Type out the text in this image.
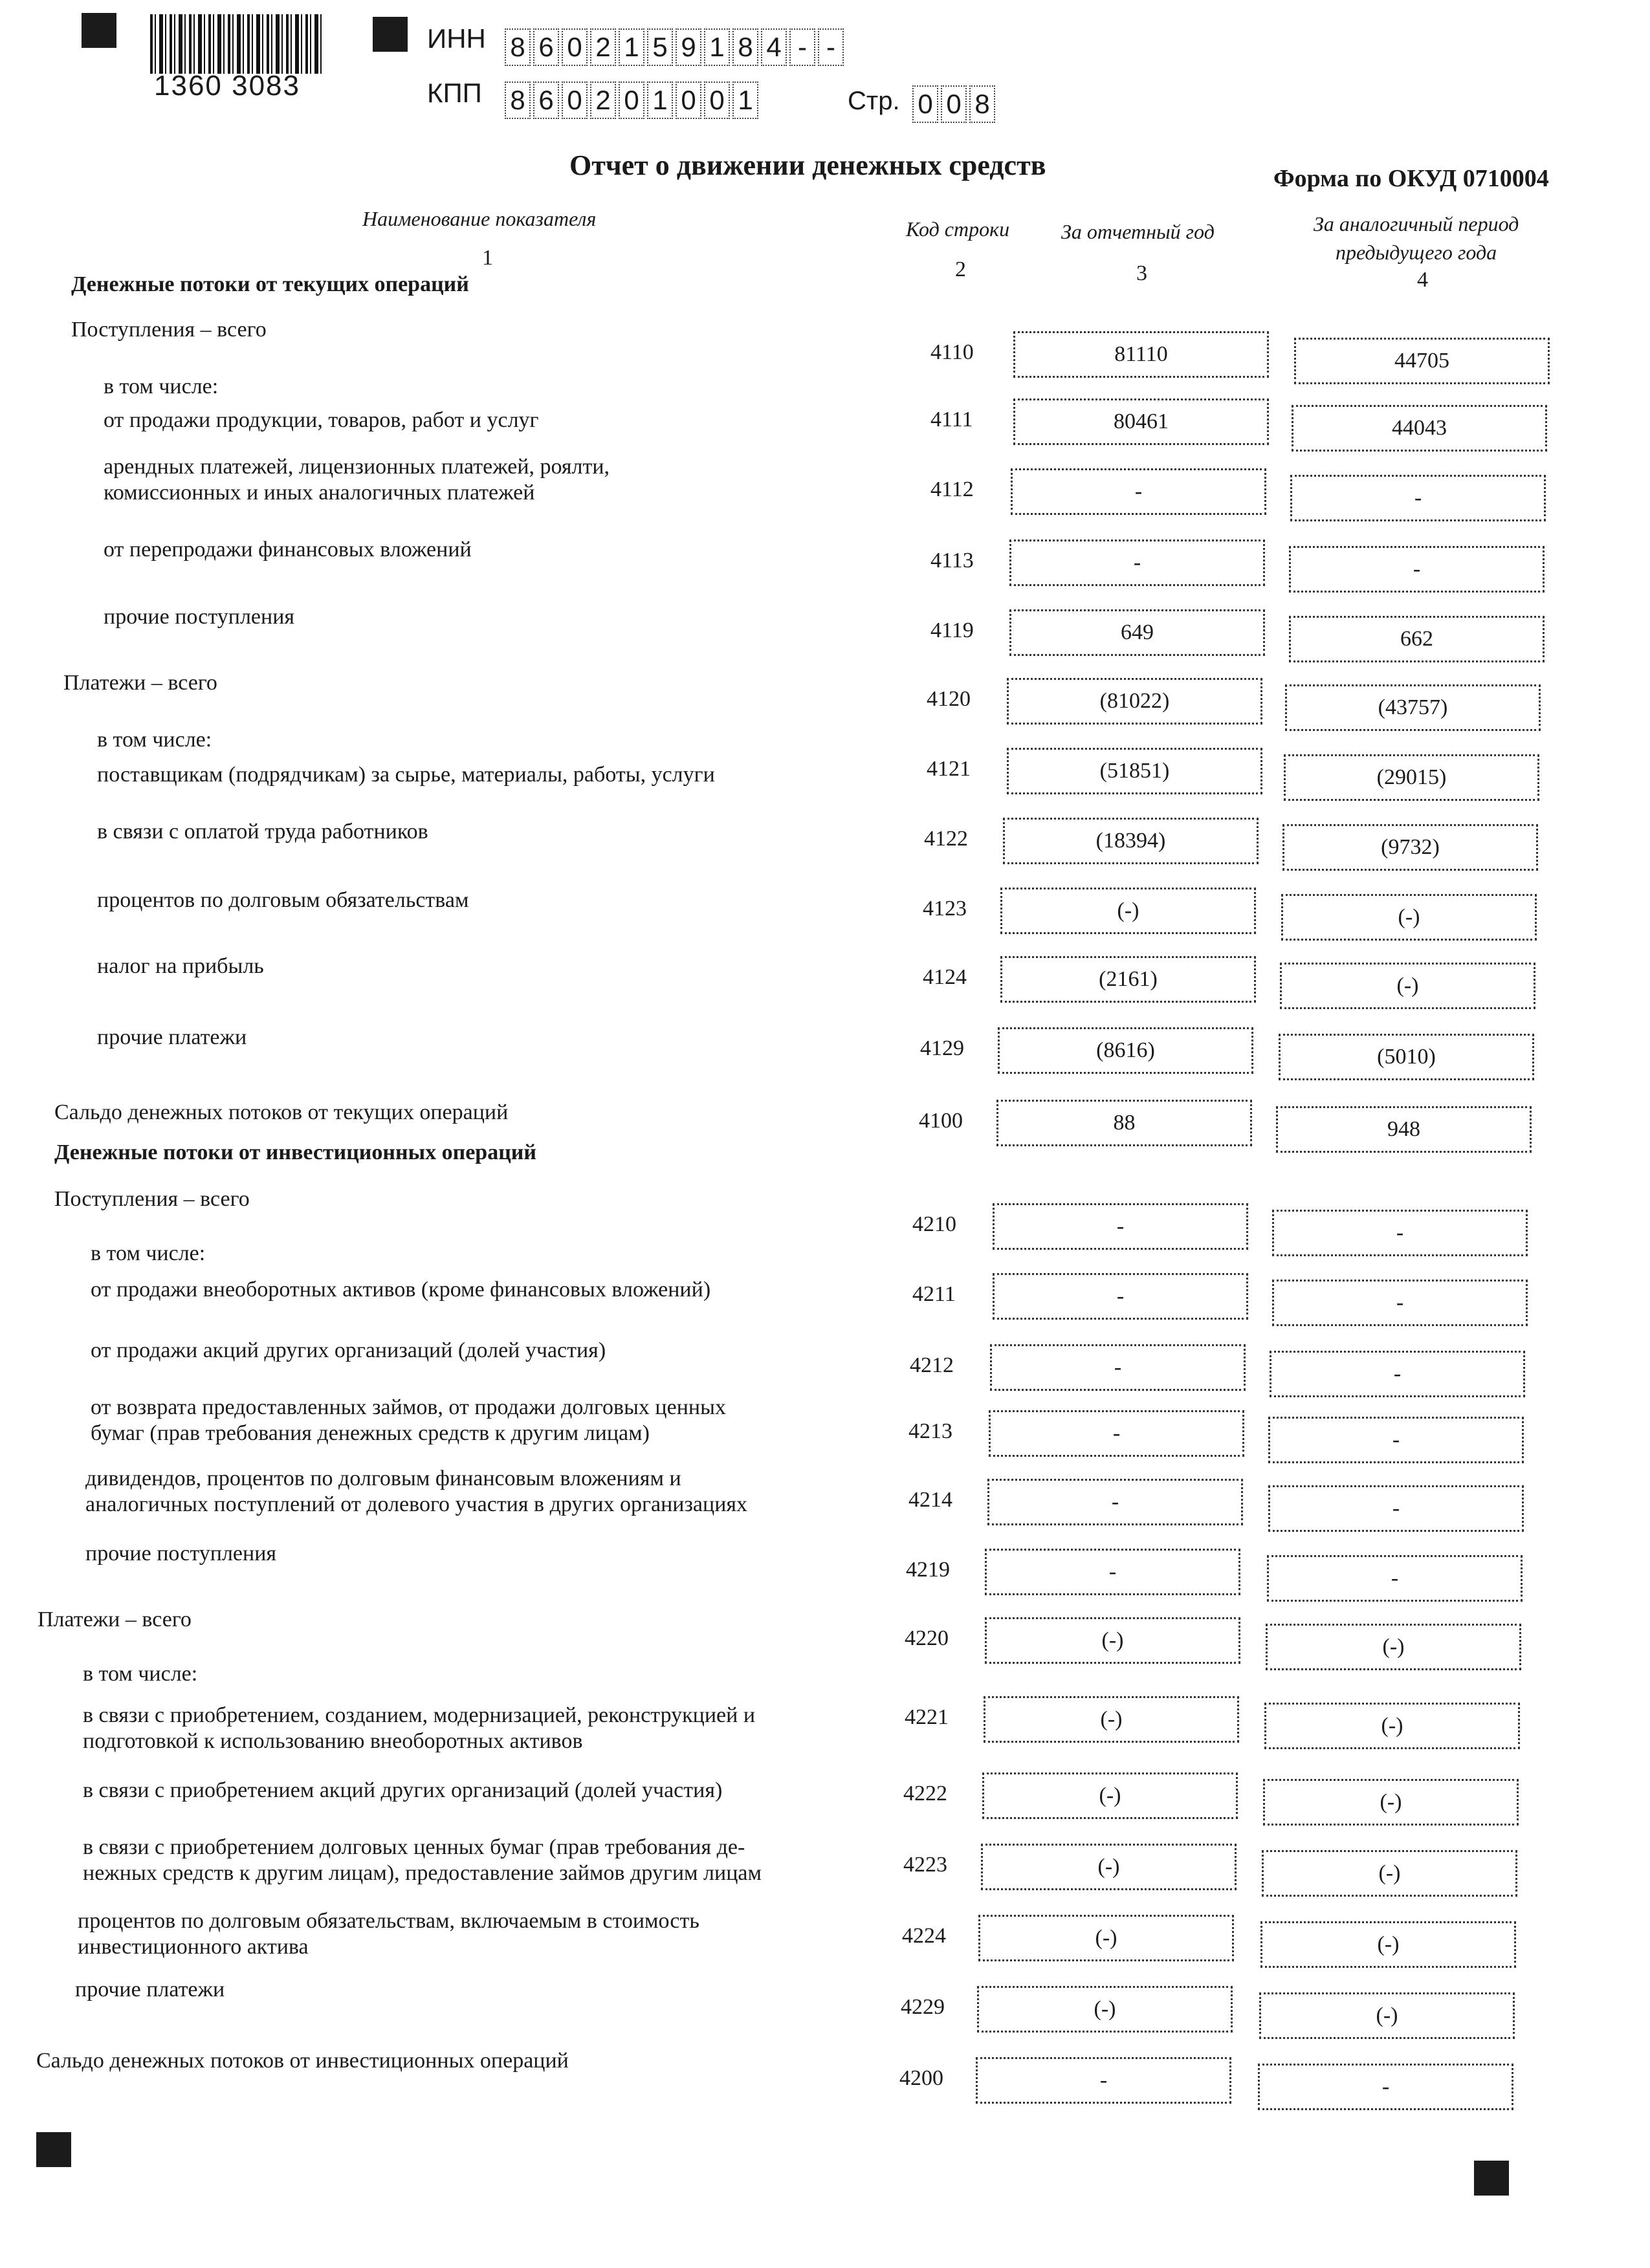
1360 3083
ИНН 8 6 0 2 1 5 9 1 8 4 - -
КПП 8 6 0 2 0 1 0 0 1	Стр. 0 0 8
Отчет о движении денежных средств	Форма по ОКУД 0710004
Наименование показателя
1
Код строки
2
За отчетный год
3
За аналогичный период
предыдущего года
4
Денежные потоки от текущих операций
Поступления – всего
4110	81110	44705
в том числе:
от продажи продукции, товаров, работ и услуг	4111	80461	44043
арендных платежей, лицензионных платежей, роялти,
комиссионных и иных аналогичных платежей	4112	-	-
от перепродажи финансовых вложений	4113	-	-
прочие поступления
4119	649	662
Платежи – всего
4120	(81022)	(43757)
в том числе:
поставщикам (подрядчикам) за сырье, материалы, работы, услуги	4121	(51851)	(29015)
в связи с оплатой труда работников	4122	(18394)	(9732)
процентов по долговым обязательствам	4123	(-)	(-)
налог на прибыль	4124	(2161)	(-)
прочие платежи	4129	(8616)	(5010)
Сальдо денежных потоков от текущих операций	4100	88	948
Денежные потоки от инвестиционных операций
Поступления – всего
4210	-	-
в том числе:
от продажи внеоборотных активов (кроме финансовых вложений)	4211	-	-
от продажи акций других организаций (долей участия)
4212	-	-
от возврата предоставленных займов, от продажи долговых ценных
бумаг (прав требования денежных средств к другим лицам)	4213	-	-
дивидендов, процентов по долговым финансовым вложениям и
аналогичных поступлений от долевого участия в других организациях	4214	-	-
прочие поступления
4219	-	-
Платежи – всего
4220	(-)	(-)
в том числе:
в связи с приобретением, созданием, модернизацией, реконструкцией и
подготовкой к использованию внеоборотных активов
4221	(-)	(-)
в связи с приобретением акций других организаций (долей участия)	4222	(-)	(-)
в связи с приобретением долговых ценных бумаг (прав требования де-
нежных средств к другим лицам), предоставление займов другим лицам	4223	(-)	(-)
процентов по долговым обязательствам, включаемым в стоимость
инвестиционного актива	4224	(-)	(-)
прочие платежи
4229	(-)	(-)
Сальдо денежных потоков от инвестиционных операций
4200	-	-
